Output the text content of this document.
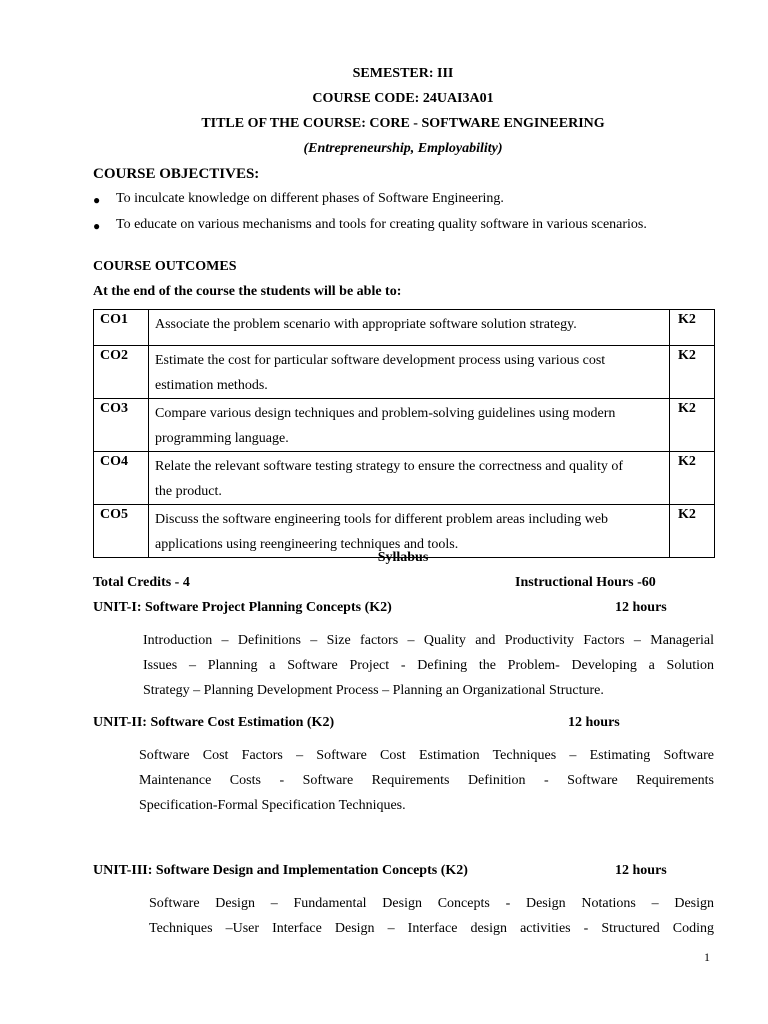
SEMESTER: III
COURSE CODE: 24UAI3A01
TITLE OF THE COURSE: CORE - SOFTWARE ENGINEERING
(Entrepreneurship, Employability)
COURSE OBJECTIVES:
● To inculcate knowledge on different phases of Software Engineering.
● To educate on various mechanisms and tools for creating quality software in various scenarios.
COURSE OUTCOMES
At the end of the course the students will be able to:
CO1	Associate the problem scenario with appropriate software solution strategy.	K2
CO2	Estimate the cost for particular software development process using various cost
estimation methods.	K2
CO3	Compare various design techniques and problem-solving guidelines using modern
programming language.	K2
CO4	Relate the relevant software testing strategy to ensure the correctness and quality of
the product.	K2
CO5	Discuss the software engineering tools for different problem areas including web
applications using reengineering techniques and tools.	K2
Syllabus
Total Credits - 4	Instructional Hours -60
UNIT-I: Software Project Planning Concepts (K2)	12 hours
Introduction – Definitions – Size factors – Quality and Productivity Factors – Managerial
Issues – Planning a Software Project - Defining the Problem- Developing a Solution
Strategy – Planning Development Process – Planning an Organizational Structure.
UNIT-II: Software Cost Estimation (K2)	12 hours
Software Cost Factors – Software Cost Estimation Techniques – Estimating Software
Maintenance Costs - Software Requirements Definition - Software Requirements
Specification-Formal Specification Techniques.
UNIT-III: Software Design and Implementation Concepts (K2)	12 hours
Software Design – Fundamental Design Concepts - Design Notations – Design
Techniques –User Interface Design – Interface design activities - Structured Coding
1
